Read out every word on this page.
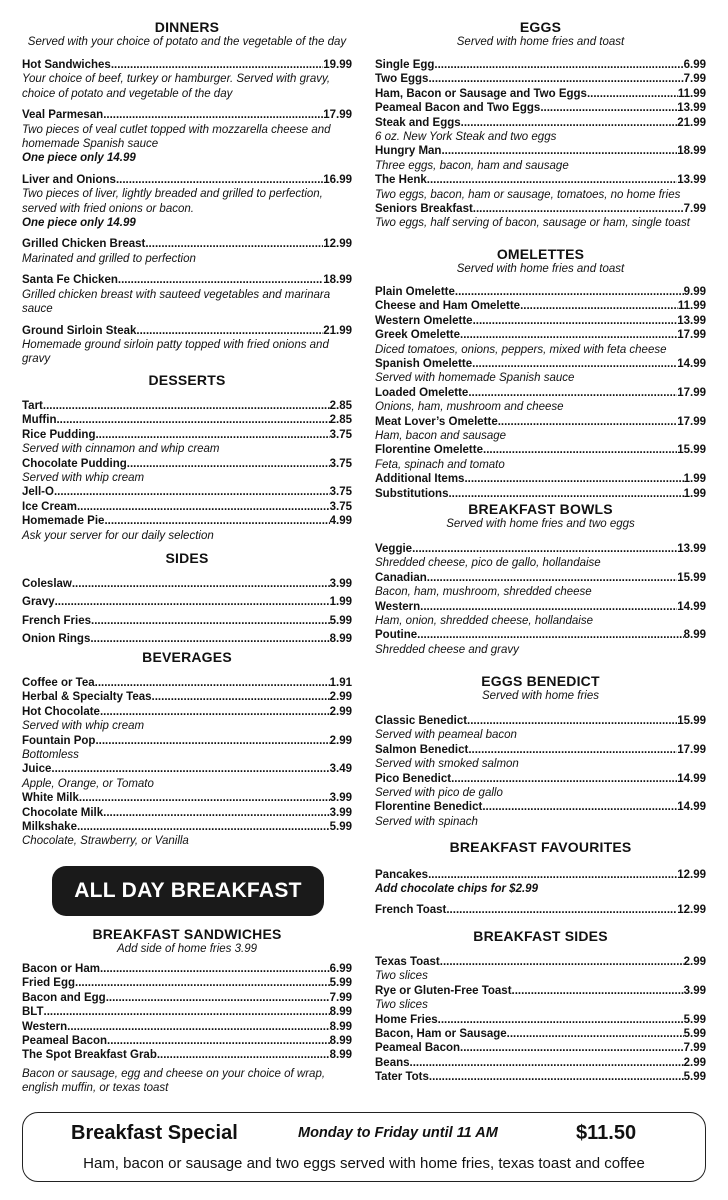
DINNERS
Served with your choice of potato and the vegetable of the day
Hot Sandwiches .....	19.99
Your choice of beef, turkey or hamburger. Served with gravy, choice of potato and vegetable of the day
Veal Parmesan .....	17.99
Two pieces of veal cutlet topped with mozzarella cheese and homemade Spanish sauce
One piece only 14.99
Liver and Onions .....	16.99
Two pieces of liver, lightly breaded and grilled to perfection, served with fried onions or bacon.
One piece only 14.99
Grilled Chicken Breast .....	12.99
Marinated and grilled to perfection
Santa Fe Chicken .....	18.99
Grilled chicken breast with sauteed vegetables and marinara sauce
Ground Sirloin Steak .....	21.99
Homemade ground sirloin patty topped with fried onions and gravy
DESSERTS
Tart .....	2.85
Muffin .....	2.85
Rice Pudding .....	3.75
Served with cinnamon and whip cream
Chocolate Pudding .....	3.75
Served with whip cream
Jell-O .....	3.75
Ice Cream .....	3.75
Homemade Pie .....	4.99
Ask your server for our daily selection
SIDES
Coleslaw .....	3.99
Gravy .....	1.99
French Fries .....	5.99
Onion Rings .....	8.99
BEVERAGES
Coffee or Tea .....	1.91
Herbal & Specialty Teas .....	2.99
Hot Chocolate .....	2.99
Served with whip cream
Fountain Pop .....	2.99
Bottomless
Juice .....	3.49
Apple, Orange, or Tomato
White Milk .....	3.99
Chocolate Milk .....	3.99
Milkshake .....	5.99
Chocolate, Strawberry, or Vanilla
BREAKFAST SANDWICHES
Add side of home fries 3.99
Bacon or Ham .....	6.99
Fried Egg .....	5.99
Bacon and Egg .....	7.99
BLT .....	8.99
Western .....	8.99
Peameal Bacon .....	8.99
The Spot Breakfast Grab .....	8.99
Bacon or sausage, egg and cheese on your choice of wrap, english muffin, or texas toast
ALL DAY BREAKFAST
EGGS
Served with home fries and toast
Single Egg .....	6.99
Two Eggs .....	7.99
Ham, Bacon or Sausage and Two Eggs .....	11.99
Peameal Bacon and Two Eggs .....	13.99
Steak and Eggs .....	21.99
6 oz. New York Steak and two eggs
Hungry Man .....	18.99
Three eggs, bacon, ham and sausage
The Henk .....	13.99
Two eggs, bacon, ham or sausage, tomatoes, no home fries
Seniors Breakfast .....	7.99
Two eggs, half serving of bacon, sausage or ham, single toast
OMELETTES
Served with home fries and toast
Plain Omelette .....	9.99
Cheese and Ham Omelette .....	11.99
Western Omelette .....	13.99
Greek Omelette .....	17.99
Diced tomatoes, onions, peppers, mixed with feta cheese
Spanish Omelette .....	14.99
Served with homemade Spanish sauce
Loaded Omelette .....	17.99
Onions, ham, mushroom and cheese
Meat Lover’s Omelette .....	17.99
Ham, bacon and sausage
Florentine Omelette .....	15.99
Feta, spinach and tomato
Additional Items .....	1.99
Substitutions .....	1.99
BREAKFAST BOWLS
Served with home fries and two eggs
Veggie .....	13.99
Shredded cheese, pico de gallo, hollandaise
Canadian .....	15.99
Bacon, ham, mushroom, shredded cheese
Western .....	14.99
Ham, onion, shredded cheese, hollandaise
Poutine .....	8.99
Shredded cheese and gravy
EGGS BENEDICT
Served with home fries
Classic Benedict .....	15.99
Served with peameal bacon
Salmon Benedict .....	17.99
Served with smoked salmon
Pico Benedict .....	14.99
Served with pico de gallo
Florentine Benedict .....	14.99
Served with spinach
BREAKFAST FAVOURITES
Pancakes .....	12.99
Add chocolate chips for $2.99
French Toast .....	12.99
BREAKFAST SIDES
Texas Toast .....	2.99
Two slices
Rye or Gluten-Free Toast .....	3.99
Two slices
Home Fries .....	5.99
Bacon, Ham or Sausage .....	5.99
Peameal Bacon .....	7.99
Beans .....	2.99
Tater Tots .....	5.99
Breakfast Special	Monday to Friday until 11 AM	$11.50
Ham, bacon or sausage and two eggs served with home fries, texas toast and coffee
